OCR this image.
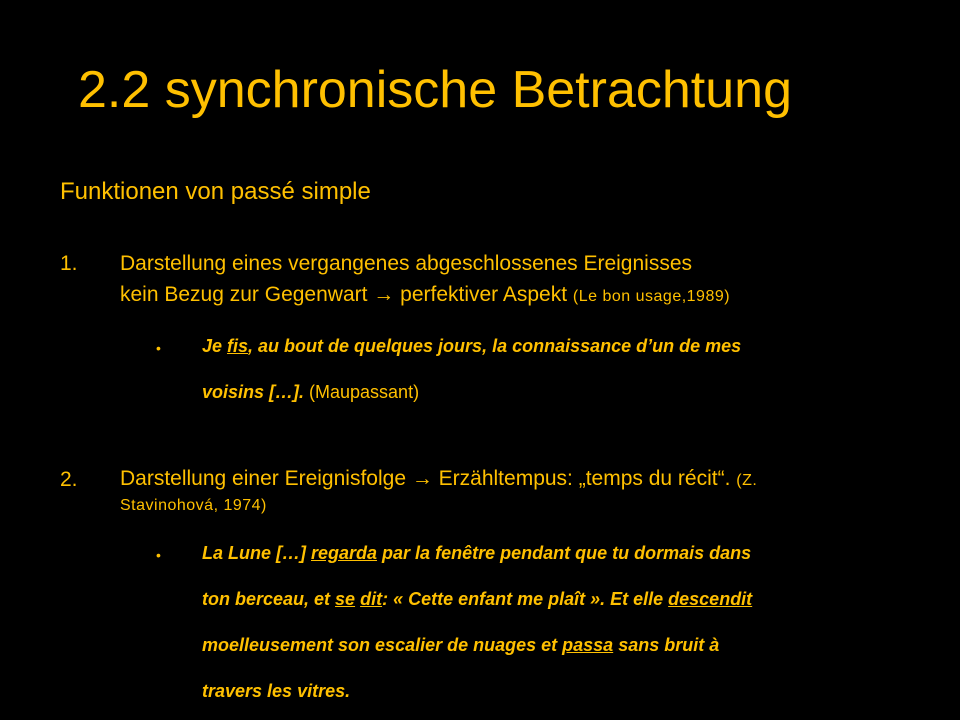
2.2 synchronische Betrachtung
Funktionen von passé simple
1. Darstellung eines vergangenes abgeschlossenes Ereignisses
kein Bezug zur Gegenwart → perfektiver Aspekt (Le bon usage,1989)
• Je fis, au bout de quelques jours, la connaissance d’un de mes
voisins […]. (Maupassant)
2. Darstellung einer Ereignisfolge → Erzähltempus: „temps du récit“. (Z.
Stavinohová, 1974)
• La Lune […] regarda par la fenêtre pendant que tu dormais dans
ton berceau, et se dit: « Cette enfant me plaît ». Et elle descendit
moelleusement son escalier de nuages et passa sans bruit à
travers les vitres.
